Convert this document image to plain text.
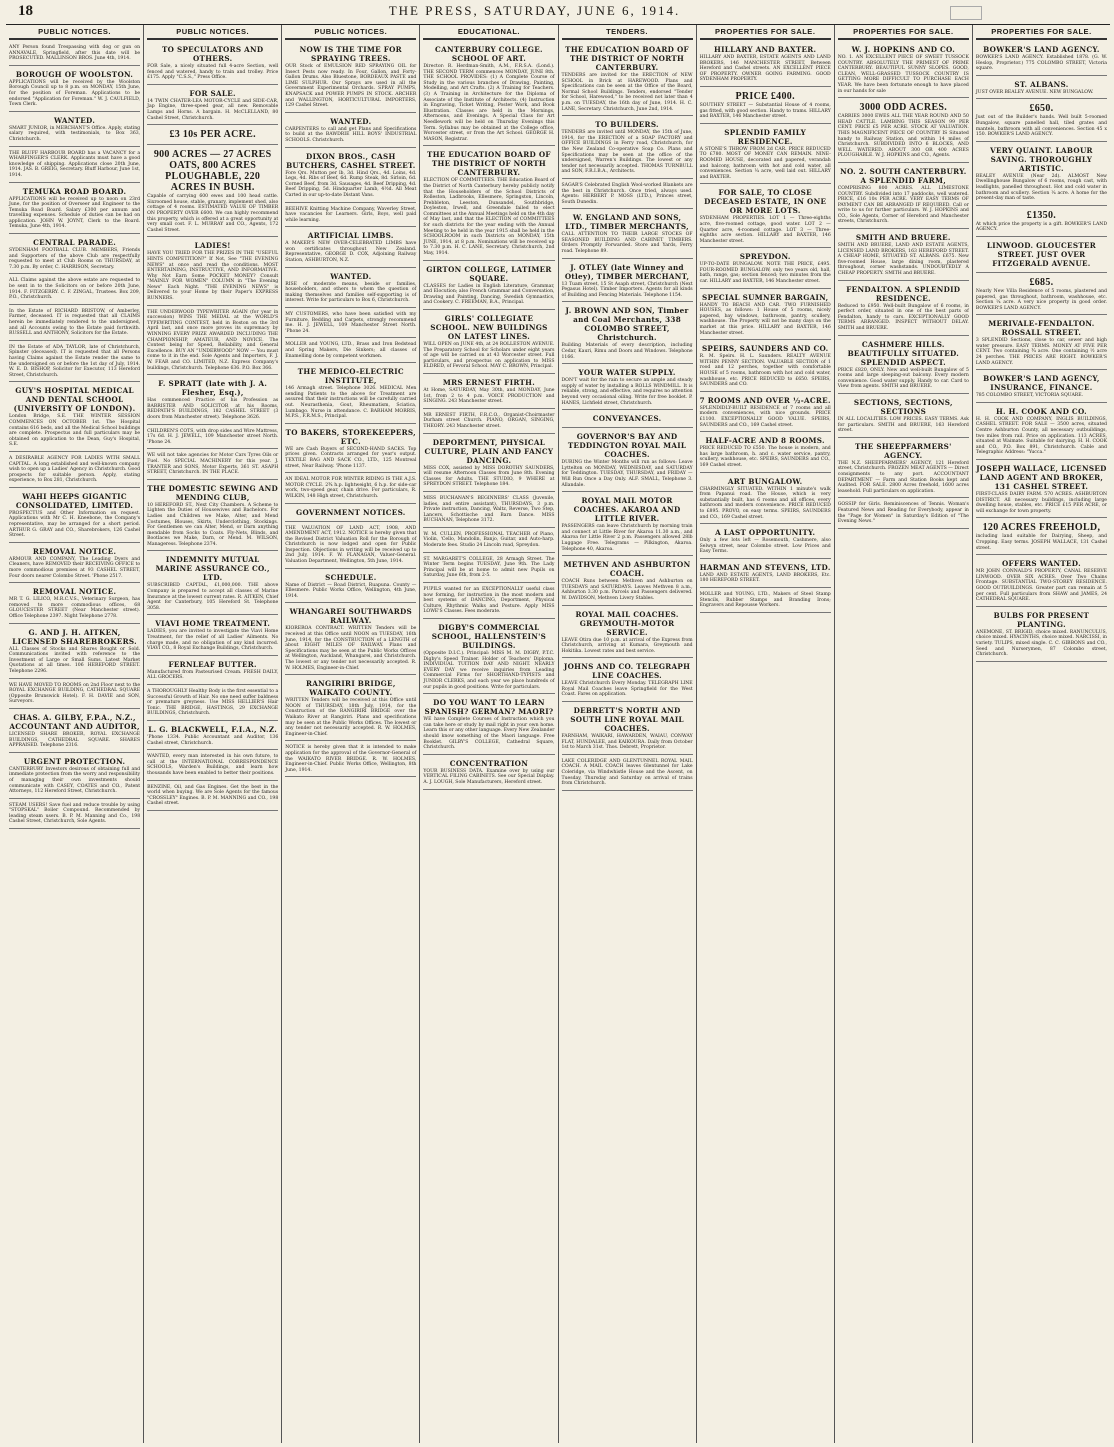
18	THE PRESS, SATURDAY, JUNE 6, 1914.
PUBLIC NOTICES.
ANY Person found Trespassing with dog or gun on ANNAVALE, Springfield, after this date will be PROSECUTED. MALLINSON BROS. June 4th, 1914.
BOROUGH OF WOOLSTON.
APPLICATIONS will be received by the Woolston Borough Council up to 8 p.m. on MONDAY, 15th June, for the position of Foreman. Applications to be endorsed "Application for Foreman." W. J. CAULFIELD, Town Clerk.
WANTED.
SMART JUNIOR, in MERCHANT'S Office. Apply, stating salary required, with testimonials, to Box 363, Christchurch.
THE BLUFF HARBOUR BOARD has a VACANCY for a WHARFINGER'S CLERK. Applicants must have a good knowledge of shipping. Applications close 20th June, 1914. JAS. B. GREIG, Secretary. Bluff Harbour, June 1st, 1914.
TEMUKA ROAD BOARD.
APPLICATIONS will be received up to noon on 23rd June, for the position of Overseer and Engineer to the Temuka Road Board. Salary £300 per annum and travelling expenses. Schedule of duties can be had on application. JOHN W. JOYNT, Clerk to the Board. Temuka, June 4th, 1914.
CENTRAL PARADE.
SYDENHAM FOOTBALL CLUB. MEMBERS, Friends and Supporters of the above Club are respectfully requested to meet at Club Rooms on THURSDAY, at 7.30 p.m. By order, C. HARRISON, Secretary.
ALL Claims against the above estate are requested to be sent in to the Solicitors on or before 20th June, 1914. F. FITZGERRY. C. F. ZINGAL, Trustees. Box 209, P.O., Christchurch.
In the Estate of RICHARD BRISTOW, of Amberley, Farmer, deceased. IT is requested that all CLAIMS herein be immediately rendered to the undersigned, and all Accounts owing to the Estate paid forthwith. RUSSELL and ANTHONY, Solicitors for the Estate.
IN the Estate of ADA TAYLOR, late of Christchurch, Spinster (deceased). IT is requested that all Persons having Claims against the Estate render the same to the undersigned on or before the 1st day of July, 1914. W. E. D. BISHOP, Solicitor for Executor, 113 Hereford Street, Christchurch.
GUY'S HOSPITAL MEDICAL AND DENTAL SCHOOL (UNIVERSITY OF LONDON).
London Bridge, S.E. THE WINTER SESSION COMMENCES ON OCTOBER 1st. The Hospital contains 616 beds, and all the Medical School buildings are complete. Prospectus and full particulars may be obtained on application to the Dean, Guy's Hospital, S.E.
A DESIRABLE AGENCY FOR LADIES WITH SMALL CAPITAL. A long established and well-known company wish to open up a Ladies' Agency in Christchurch. Good prospects for suitable person. Apply, stating experience, to Box 281, Christchurch.
WAHI HEEPS GIGANTIC CONSOLIDATED, LIMITED.
PROSPECTUS and Other Information on request. Applications with Mr C. H. Kneebone, the Company's representative, may be arranged for a short period. ARTHUR G. GRAY and CO., Sharebrokers, 126 Cashel Street.
REMOVAL NOTICE.
ARMOUR AND COMPANY, The Leading Dyers and Cleaners, have REMOVED their RECEIVING OFFICE to more commodious premises at 93 CASHEL STREET, Four doors nearer Colombo Street. 'Phone 2517.
REMOVAL NOTICE.
MR T. G. LILICO, M.R.C.V.S., Veterinary Surgeon, has removed to more commodious offices, 68 GLOUCESTER STREET (Near Manchester street). Office Telephone 2397. Night Telephone 2778.
G. AND J. H. AITKEN, LICENSED SHAREBROKERS.
ALL Classes of Stocks and Shares Bought or Sold. Communications invited with reference to the Investment of Large or Small Sums. Latest Market Quotations at all times. 106 HEREFORD STREET. Telephone 2296.
WE HAVE MOVED TO ROOMS on 2nd Floor next to the ROYAL EXCHANGE BUILDING, CATHEDRAL SQUARE (Opposite Brunswick Hotel). F. H. DAVIE and SON, Surveyors.
CHAS. A. GILBY, F.P.A., N.Z., ACCOUNTANT AND AUDITOR,
LICENSED SHARE BROKER, ROYAL EXCHANGE BUILDINGS, CATHEDRAL SQUARE. SHARES APPRAISED. Telephone 2316.
URGENT PROTECTION.
CANTERBURY Investors desirous of obtaining full and immediate protection from the worry and responsibility of managing their own investments should communicate with CASEY, COATES and CO., Patent Attorneys, 112 Hereford Street, Christchurch.
STEAM USERS! Save fuel and reduce trouble by using "STOPSKAL" Boiler Compound. Recommended by leading steam users. B. P. M. Manning and Co., 198 Cashel Street, Christchurch, Sole Agents.
PUBLIC NOTICES.
TO SPECULATORS AND OTHERS.
FOR Sale, a nicely situated full 4-acre Section, well fenced and watered, handy to train and trolley. Price £175. Apply "C.S.S.," Press Office.
FOR SALE.
14 TWIN CHATER-LEA MOTOR-CYCLE and SIDE-CAR, Jap Engine, three-speed gear, all new. Removable Lamps and Horns. A bargain. H. McCLELLAND, 80 Cashel Street, Christchurch.
£3 10s PER ACRE.
900 ACRES — 27 ACRES OATS, 800 ACRES PLOUGHABLE, 220 ACRES IN BUSH.
Capable of carrying 600 ewes and 100 head cattle. Sixroomed house, stable, granary, implement shed, also cottage of 4 rooms. ESTIMATED VALUE OF TIMBER ON PROPERTY OVER £600. We can highly recommend this property, which is offered at a great opportunity at very small cost. F. L. MURRAY and CO., Agents, 172 Cashel Street.
LADIES!
HAVE YOU TRIED FOR THE PRIZES IN THE "USEFUL HINTS COMPETITION?" If Not, See "THE EVENING NEWS" at once and read the conditions. MOST ENTERTAINING, INSTRUCTIVE, AND INFORMATIVE. Why Not Earn Some POCKET MONEY? Consult "MAINLY FOR WOMEN" COLUMN in "The Evening News" Each Night. "THE EVENING NEWS" is Delivered to your Home by their Paper's EXPRESS RUNNERS.
THE UNDERWOOD TYPEWRITER AGAIN (for year in succession) WINS THE MEDAL at the WORLD'S TYPEWRITING CONTEST, held in Boston on the 3rd April last, and once more proves its supremacy by WINNING EVERY PRIZE AWARDED INCLUDING THE CHAMPIONSHIP, AMATEUR, AND NOVICE. The Contest being for Speed, Reliability, and General Excellence. BUY AN "UNDERWOOD" NOW — You must come to it in the end. Sole Agents and Importers, F. J. W. FEAR and CO. LIMITED, N.Z. Express Company's buildings, Christchurch. Telephone 636. P.O. Box 366.
F. SPRATT (late with J. A. Flesher, Esq.),
Has commenced Practice of his Profession as BARRISTER AND SOLICITOR at his Rooms, REDPATH'S BUILDINGS, 182 CASHEL STREET (3 doors from Manchester street). Telephone 3626.
CHILDREN'S COTS, with drop sides and Wire Mattress, 17s 6d. H. J. JEWELL, 109 Manchester street North. 'Phone 24.
WE will not take agencies for Motor Cars Tyres Oils or Fuel. No SPECIAL MACHINERY for this year. J. TRANTER and SONS, Motor Experts, 361 ST. ASAPH STREET, Christchurch. IN THE PLACE.
THE DOMESTIC SEWING AND MENDING CLUB,
10 HEREFORD ST., Next City Chambers. A Scheme to Lighten the Duties of Housewives and Bachelors. For Ladies and Children we Make, Alter, and Mend Costumes, Blouses, Skirts, Underclothing, Stockings. For Gentlemen we can Alter, Mend, or Darn anything mendable from Socks to Coats. Fly-Nets, Blinds, and Bootlaces we Make, Darn, or Mend. M. WILSON, Manageress. Telephone 2374.
INDEMNITY MUTUAL MARINE ASSURANCE CO., LTD.
SUBSCRIBED CAPITAL, £1,000,000. THE above Company is prepared to accept all classes of Marine Insurance at the lowest current rates. R. AITKEN, Chief Agent for Canterbury, 105 Hereford St. Telephone 3058.
VIAVI HOME TREATMENT.
LADIES, you are invited to investigate the Viavi Home Treatment, for the relief of all Ladies' Ailments. No charge made, and no obligation of any kind incurred. VIAVI CO., 8 Royal Exchange Buildings, Christchurch.
FERNLEAF BUTTER.
Manufactured from Pasteurised Cream. FRESH DAILY, ALL GROCERS.
A THOROUGHLY Healthy Body is the first essential to a Successful Growth of Hair. No one need suffer baldness or premature greyness. Use MISS HELLIER'S Hair Tonic. THE BRIDGE, HASTINGS, 29 EXCHANGE BUILDINGS, Christchurch.
L. G. BLACKWELL, F.I.A., N.Z.
'Phone 1334. Public Accountant and Auditor, 136 Cashel street, Christchurch.
WANTED, every man interested in his own future, to call at the INTERNATIONAL CORRESPONDENCE SCHOOLS, Warden's Buildings, and learn how thousands have been enabled to better their positions.
BENZINE, Oil, and Gas Engines. Get the best in the world when buying. We are Sole Agents for the famous "CROSSLEY" Engines. B. P. M. MANNING and CO., 198 Cashel street.
PUBLIC NOTICES.
NOW IS THE TIME FOR SPRAYING TREES.
OUR Stock of EMULSION RED SPRAYING OIL for Insect Pests now ready. In Four, Gallon, and Forty-Gallon Drums. Also Bluestone, BORDEAUX PASTE and LIME SULPHUR. Our Sprays are used in all the Government Experimental Orchards. SPRAY PUMPS, KNAPSACK and POWER PUMPS IN STOCK. ARCHER and WALLINGTON, HORTICULTURAL IMPORTERS, 129 Cashel Street.
WANTED.
CARPENTERS to call and get Plans and Specifications to build at the BAWDRIE HILL BOYS' INDUSTRIAL SCHOOLS. Christchurch.
DIXON BROS., CASH BUTCHERS, CASHEL STREET.
Fore Qrs. Mutton per lb, 3d. Hind Qrs., 4d. Loins, 4d. Legs, 4d. Ribs of Beef, 6d. Rump Steak, 8d. Sirloin, 6d. Corned Beef, from 3d. Sausages, 4d. Beef Dripping, 4d. Beef Dripping, 5d. Hindquarter Lamb, 4½d. All Meat Carted in our up-to-date Distant Vans.
BEEHIVE Knitting Machine Company, Waverley Street, have vacancies for Learners. Girls, Boys, well paid while learning.
ARTIFICIAL LIMBS.
A MAKER'S NEW OVER-CELEBRATED LIMBS have won certificates throughout New Zealand. Representative, GEORGE D. COX, Adjoining Railway Station, ASHBURTON, N.Z.
WANTED.
RISE of moderate means, beside or families, householders, and others to whom the question of making themselves and families self-supporting is of interest. Write for particulars to Box 6, Christchurch.
MY CUSTOMERS, who have been satisfied with my Furniture, Bedding and Carpets, strongly recommend me. H. J. JEWELL, 109 Manchester Street North. 'Phone 24.
MOLLER and YOUNG, LTD., Brass and Iron Bedstead and Spring Makers, Die Sinkers; all classes of Enamelling done by competent workmen.
THE MEDICO-ELECTRIC INSTITUTE,
146 Armagh street. Telephone 3026. MEDICAL Men sending Patients to the above for Treatment are assured that their instructions will be carefully carried out. Neurasthenia, Gout, Rheumatism, Sciatica, Lumbago. Nurse in attendance. C. BARHAM MORRIS, M.P.S., F.R.M.S., Principal.
TO BAKERS, STOREKEEPERS, ETC.
WE are Cash Buyers of SECOND-HAND SACKS. Top prices given. Contracts arranged for year's output. TEXTILE BAG AND SACK CO., LTD., 125 Montreal street, Near Railway. 'Phone 1137.
AN IDEAL MOTOR FOR WINTER RIDING IS THE A.J.S. MOTOR CYCLE. 2¾ h.p. lightweight, 6 h.p. for side-car work, two-speed gear, chain drive. For particulars, R. WILKIN, 148 High street, Christchurch.
GOVERNMENT NOTICES.
THE VALUATION OF LAND ACT, 1908, AND AMENDMENT ACT, 1912. NOTICE is hereby given that the Revised District Valuation Roll for the Borough of Christchurch is now lodged and open for Public Inspection. Objections in writing will be received up to 2nd July, 1914. F. W. FLANAGAN, Valuer-General. Valuation Department, Wellington, 5th June, 1914.
SCHEDULE.
Name of District — Road District, Ruapuna. County — Ellesmere. Public Works Office, Wellington, 4th June, 1914.
WHANGAREI SOUTHWARDS RAILWAY.
KIOREROA CONTRACT. WRITTEN Tenders will be received at this Office until NOON on TUESDAY, 16th June, 1914, for the CONSTRUCTION of a LENGTH of about EIGHT MILES OF RAILWAY. Plans and Specifications may be seen at the Public Works Offices at Wellington, Auckland, Whangarei, and Christchurch. The lowest or any tender not necessarily accepted. R. W. HOLMES, Engineer-in-Chief.
RANGIRIRI BRIDGE, WAIKATO COUNTY.
WRITTEN Tenders will be received at this Office until NOON of THURSDAY, 18th July, 1914, for the Construction of the RANGIRIRI BRIDGE over the Waikato River at Rangiriri. Plans and specifications may be seen at the Public Works Offices. The lowest or any tender not necessarily accepted. R. W. HOLMES, Engineer-in-Chief.
NOTICE is hereby given that it is intended to make application for the approval of the Governor-General of the WAIKATO RIVER BRIDGE. R. W. HOLMES, Engineer-in-Chief. Public Works Office, Wellington, 8th June, 1914.
EDUCATIONAL.
CANTERBURY COLLEGE. SCHOOL OF ART.
Director: R. Herdman-Smith, A.M., F.R.S.A. (Lond.). THE SECOND TERM commences MONDAY, JUNE 8th. THE SCHOOL PROVIDES: (1) A Complete Course of Study in the various branches of Drawing, Painting, Modelling, and Art Crafts. (2) A Training for Teachers. (3) A Training in Architecture for the Diploma of Associate of the Institute of Architects. (4) Instruction in Engraving, Ticket Writing, Poster Work, and Book Illustration. Classes are held in the Mornings, Afternoons, and Evenings. A Special Class for Art Needlework will be held on Thursday Evenings this Term. Syllabus may be obtained at the College office, Worcester street, or from the Art School. GEORGE H. MASON, Registrar.
THE EDUCATION BOARD OF THE DISTRICT OF NORTH CANTERBURY.
ELECTION OF COMMITTEES. THE Education Board of the District of North Canterbury hereby publicly notify that the Householders of the School Districts of Rolleston, Ladbrooks, Ellesmere, Springston, Lincoln, Prebbleton, Leeston, Dunsandel, Southbridge, Doyleston, Irwell, and Greendale failed to elect Committees at the Annual Meetings held on the 4th day of May last, and that the ELECTION of COMMITTEES for such districts for the year ending with the Annual Meeting to be held in the year 1915 shall be held in the SCHOOLROOM in such Districts on MONDAY, 15th JUNE, 1914, at 8 p.m. Nominations will be received up to 7.30 p.m. H. C. LANE, Secretary. Christchurch, 2nd May, 1914.
GIRTON COLLEGE, LATIMER SQUARE.
CLASSES for Ladies in English Literature, Grammar, and Elocution; also French Grammar and Conversation, Drawing and Painting, Dancing, Swedish Gymnastics, and Cookery. C. FREEMAN, B.A., Principal.
GIRLS' COLLEGIATE SCHOOL. NEW BUILDINGS ON LATEST LINES.
WILL OPEN on JUNE 4th, at 24 ROLLESTON AVENUE. The Preparatory School for Scholars under eight years of age will be carried on at 43 Worcester street. Full particulars, and prospectus on application to MISS ELDRED, of Fevoral School. MAY C. BROWN, Principal.
MRS ERNEST FIRTH.
At Home, SATURDAY, May 30th, and MONDAY, June 1st, from 2 to 4 p.m. VOICE PRODUCTION and SINGING. 243 Manchester street.
MR ERNEST FIRTH, F.R.C.O., Organist-Choirmaster Durham street Church. PIANO, ORGAN, SINGING, THEORY. 243 Manchester street.
DEPORTMENT, PHYSICAL CULTURE, PLAIN AND FANCY DANCING.
MISS COX, assisted by MISS DOROTHY SAUNDERS, will resume Afternoon Classes from June 8th. Evening Classes for Adults. THE STUDIO, 9 WHERE at SPREYDON STREET. Telephone 184.
MISS BUCHANAN'S BEGINNERS' CLASS (Juvenile, ladies, and entire assistant), THURSDAYS, 3 p.m. Private instruction, Dancing, Waltz, Reverse, Two Step, Lancers, Schottische and Barn Dance. MISS BUCHANAN, Telephone 3172.
W. M. CULLEN, PROFESSIONAL TEACHER of Piano, Violin, 'Cello, Mandolin, Banjo, Guitar, and Auto-harp. Moderate fees. Studio 24 Lincoln road, Spreydon.
ST. MARGARET'S COLLEGE, 28 Armagh Street. The Winter Term begins TUESDAY, June 9th. The Lady Principal will be at home to admit new Pupils on Saturday, June 6th, from 2-5.
PUPILS wanted for an EXCEPTIONALLY useful class now forming, for instruction in the most modern and best systems of DANCING, Deportment, Physical Culture, Rhythmic Walks and Posture. Apply MISS LOWE'S Classes. Fees moderate.
DIGBY'S COMMERCIAL SCHOOL, HALLENSTEIN'S BUILDINGS.
(Opposite D.I.C.). Principal: MISS M. M. DIGBY, P.T.C. Digby's Speed Trainer. Holder of Teachers' Diploma. INDIVIDUAL TUITION DAY AND NIGHT. NEARLY EVERY DAY we receive inquiries from Leading Commercial Firms for SHORTHAND-TYPISTS and JUNIOR CLERKS, and each year we place hundreds of our pupils in good positions. Write for particulars.
DO YOU WANT TO LEARN SPANISH? GERMAN? MAORI?
WE have Complete Courses of Instruction which you can take here or study by mail right in your own home. Learn this or any other language. Every New Zealander should know something of the Maori language. Free Booklet. GILBY'S COLLEGE, Cathedral Square, Christchurch.
CONCENTRATION
YOUR BUSINESS DATA. Examine over by using our VERTICAL FILING CABINETS. See our Special Display. A. J. LOUGH, Sole Manufacturers, Hereford street.
TENDERS.
THE EDUCATION BOARD OF THE DISTRICT OF NORTH CANTERBURY.
TENDERS are invited for the ERECTION of NEW SCHOOL in Brick at HAREWOOD. Plans and Specifications can be seen at the Office of the Board, Normal School Buildings. Tenders, endorsed "Tender for School, Harewood," to be received not later than 4 p.m. on TUESDAY, the 16th day of June, 1914. H. C. LANE, Secretary. Christchurch, June 2nd, 1914.
TO BUILDERS.
TENDERS are invited until MONDAY, the 15th of June, 1914, for the ERECTION of a SOAP FACTORY and OFFICE BUILDINGS in Ferry road, Christchurch, for the New Zealand Co-operative Soap Co. Plans and Specifications may be seen at the office of the undersigned, Warren's Buildings. The lowest or any tender not necessarily accepted. THOMAS TURNBULL and SON, F.R.I.B.A., Architects.
SAGAR'S Celebrated English Wool-worked Blankets are the best in Christchurch. Once tried, always used. Agents: HERBERT P. MOSS (LTD.), Princes street, South Dunedin.
W. ENGLAND AND SONS, LTD., TIMBER MERCHANTS,
CALL ATTENTION TO THEIR LARGE STOCKS OF SEASONED BUILDING AND CABINET TIMBERS. Orders Promptly Forwarded. Store and Yards, Ferry road. Telephone 89.
J. OTLEY (late Winney and Otley), TIMBER MERCHANT,
13 Tuam street, 15 St Asaph street, Christchurch (Next Pegasus Hotel). Timber Importers. Agents for all kinds of Building and Fencing Materials. Telephone 1154.
J. BROWN AND SON, Timber and Coal Merchants, 338 COLOMBO STREET, Christchurch.
Building Materials of every description, including Cedar, Kauri, Rimu and Doors and Windows. Telephone 1166.
YOUR WATER SUPPLY.
DON'T wait for the rain to secure an ample and steady supply of water by installing a ROLLS WINDMILL. It is reliable, strong, and effective, and requires no attention beyond very occasional oiling. Write for free booklet. P. HANES, Lichfield street, Christchurch.
CONVEYANCES.
GOVERNOR'S BAY AND TEDDINGTON ROYAL MAIL COACHES.
DURING the Winter Months will run as follows: Leave Lyttelton on MONDAY, WEDNESDAY, and SATURDAY for Teddington. TUESDAY, THURSDAY, and FRIDAY — Will Run Once a Day Only. ALF. SMALL, Telephone 3. Allandale.
ROYAL MAIL MOTOR COACHES. AKAROA AND LITTLE RIVER.
PASSENGERS can leave Christchurch by morning train and connect at Little River for Akaroa 11.30 a.m., and Akaroa for Little River 2 p.m. Passengers allowed 28lb Luggage Free. Telegrams — Pilkington, Akaroa. Telephone 40, Akaroa.
METHVEN AND ASHBURTON COACH.
COACH Runs between Methven and Ashburton on TUESDAYS and SATURDAYS. Leaves Methven 8 a.m., Ashburton 3.30 p.m. Parcels and Passengers delivered. W. DAVIDSON, Methven Livery Stables.
ROYAL MAIL COACHES. GREYMOUTH-MOTOR SERVICE.
LEAVE Otira due 10 p.m. at arrival of the Express from Christchurch, arriving at Kumara, Greymouth and Hokitika. Lowest rates and best service.
JOHNS AND CO. TELEGRAPH LINE COACHES.
LEAVE Christchurch Every Monday. TELEGRAPH LINE Royal Mail Coaches leave Springfield for the West Coast. Fares on application.
DEBRETT'S NORTH AND SOUTH LINE ROYAL MAIL COACHES.
FARNHAM, WAIKARI, HAWARDEN, WAIAU, CONWAY FLAT, HUNDALEE, and KAIKOURA. Daily from October 1st to March 31st. Thos. Debrett, Proprietor.
LAKE COLERIDGE AND GLENTUNNEL ROYAL MAIL COACH. A MAIL COACH leaves Glentunnel for Lake Coleridge, via Windwhistle House and the Ascent, on Tuesday, Thursday and Saturday on arrival of trains from Christchurch.
PROPERTIES FOR SALE.
HILLARY AND BAXTER.
HILLARY AND BAXTER, ESTATE AGENTS AND LAND BROKERS, 146 MANCHESTER STREET, Between Hereford and Cashel streets. AN EXCELLENT PIECE OF PROPERTY. OWNER GOING FARMING. GOOD SYDENHAM PROPERTY.
PRICE £400.
SOUTHEY STREET — Substantial House of 4 rooms, gas fitted, with good section. Handy to trams. HILLARY and BAXTER, 146 Manchester street.
SPLENDID FAMILY RESIDENCE.
A STONE'S THROW FROM 2d CAR. PRICE REDUCED TO £780. MOST OF MONEY CAN REMAIN. NINE-ROOMED HOUSE, decorated and papered, verandah and balcony, bathroom with hot and cold water, all conveniences. Section ¼ acre, well laid out. HILLARY and BAXTER.
FOR SALE, TO CLOSE DECEASED ESTATE, IN ONE OR MORE LOTS.
SYDENHAM PROPERTIES. LOT 1 — Three-eighths acre, five-roomed cottage, good water. LOT 2 — Quarter acre, 4-roomed cottage. LOT 3 — Three-eighths acre section. HILLARY and BAXTER, 146 Manchester street.
SPREYDON.
UP-TO-DATE BUNGALOW. NOTE THE PRICE, £495. FOUR-ROOMED BUNGALOW, only two years old, hall, bath, range, gas; section fenced; two minutes from the car. HILLARY and BAXTER, 146 Manchester street.
SPECIAL SUMNER BARGAIN,
HANDY TO BEACH AND CAR. TWO FURNISHED HOUSES, as follows: 1 House of 5 rooms, nicely papered, bay windows, bathroom, pantry, scullery, washhouse. The Property will not be many days on the market at this price. HILLARY and BAXTER, 146 Manchester street.
SPEIRS, SAUNDERS AND CO.
R. M. Speirs. H. L. Saunders. REALTY AVENUE WITHIN PENNY SECTION. VALUABLE SECTION of 1 rood and 12 perches, together with comfortable HOUSE of 5 rooms, bathroom with hot and cold water, washhouse, etc. PRICE REDUCED to £650. SPEIRS, SAUNDERS and CO.
7 ROOMS AND OVER ½-ACRE.
SPLENDIDLY-BUILT RESIDENCE of 7 rooms and all modern conveniences, with nice grounds. PRICE £1100. EXCEPTIONALLY GOOD VALUE. SPEIRS, SAUNDERS and CO., 169 Cashel street.
HALF-ACRE AND 8 ROOMS.
PRICE REDUCED TO £550. The house is modern, and has large bathroom, h. and c. water service, pantry, scullery, washhouse, etc. SPEIRS, SAUNDERS and CO., 169 Cashel street.
ART BUNGALOW.
CHARMINGLY SITUATED. WITHIN 1 minute's walk from Papanui road. The House, which is very substantially built, has 6 rooms and all offices, every bathroom and modern convenience. PRICE REDUCED to £895. PROVO, on easy terms. SPEIRS, SAUNDERS and CO., 169 Cashel street.
A LAST OPPORTUNITY.
Only a few lots left — Rosemouth, Cashmere, also Selwyn street, near Colombo street. Low Prices and Easy Terms.
HARMAN AND STEVENS, LTD.
LAND AND ESTATE AGENTS, LAND BROKERS, Etc. 180 HEREFORD STREET.
MOLLER and YOUNG, LTD., Makers of Steel Stamp Stencils, Rubber Stamps and Branding Irons; Engravers and Repousse Workers.
PROPERTIES FOR SALE.
W. J. HOPKINS AND CO.
NO. 1. AN EXCELLENT PIECE OF SWEET TUSSOCK COUNTRY. ABSOLUTELY THE PRIMEST OF PRIME CANTERBURY. BEAUTIFUL SUNNY SLOPES. GOOD, CLEAN, WELL-GRASSED TUSSOCK COUNTRY IS GETTING MORE DIFFICULT TO PURCHASE EACH YEAR. We have been fortunate enough to have placed in our hands for sale
3000 ODD ACRES.
CARRIES 3000 EWES ALL THE YEAR ROUND AND 50 HEAD CATTLE. LAMBING THIS SEASON 99 PER CENT. PRICE £5 PER ACRE. STOCK AT VALUATION. THIS MAGNIFICENT PIECE OF COUNTRY IS Situated handy to Railway Station, and within 14 miles of Christchurch. SUBDIVIDED INTO 6 BLOCKS, AND WELL WATERED. ABOUT 300 OR 400 ACRES PLOUGHABLE. W. J. HOPKINS and CO., Agents.
NO. 2. SOUTH CANTERBURY. A SPLENDID FARM,
COMPRISING 800 ACRES. ALL LIMESTONE COUNTRY. Subdivided into 17 paddocks, well watered. PRICE, £16 10s PER ACRE. VERY EASY TERMS OF PAYMENT CAN BE ARRANGED IF REQUIRED. Call or write to us for further particulars. W. J. HOPKINS and CO., Sole Agents, Corner of Hereford and Manchester streets, Christchurch.
SMITH AND BRUERE.
SMITH AND BRUERE, LAND AND ESTATE AGENTS, LICENSED LAND BROKERS, 163 HEREFORD STREET. A CHEAP HOME, SITUATED ST. ALBANS. £675. New five-roomed House, large dining room, plastered throughout, corner washstands. UNDOUBTEDLY A CHEAP PROPERTY. SMITH and BRUERE.
FENDALTON. A SPLENDID RESIDENCE.
Reduced to £950. Well-built Bungalow of 6 rooms, in perfect order, situated in one of the best parts of Fendalton, handy to cars. EXCEPTIONALLY GOOD TERMS ARRANGED. INSPECT WITHOUT DELAY. SMITH and BRUERE.
CASHMERE HILLS. BEAUTIFULLY SITUATED. SPLENDID ASPECT.
PRICE £820, ONLY. New and well-built Bungalow of 5 rooms and large sleeping-out balcony. Every modern convenience. Good water supply. Handy to car. Card to View from agents. SMITH and BRUERE.
SECTIONS, SECTIONS, SECTIONS
IN ALL LOCALITIES. LOW PRICES. EASY TERMS. Ask for particulars. SMITH and BRUERE, 163 Hereford street.
THE SHEEPFARMERS' AGENCY.
THE N.Z. SHEEPFARMERS' AGENCY, 121 Hereford street, Christchurch. FROZEN MEAT AGENTS — Direct consignments to any port. ACCOUNTANT DEPARTMENT — Farm and Station Books kept and Audited. FOR SALE. 2800 Acres freehold, 1600 acres leasehold. Full particulars on application.
GOSSIP for Girls. Reminiscences of Tennis. Woman's Featured News and Reading for Everybody, appear in the "Page for Women" in Saturday's Edition of "The Evening News."
PROPERTIES FOR SALE.
BOWKER'S LAND AGENCY.
BOWKER'S LAND AGENCY. Established 1878. (G. W. Heslop, Proprietor.) 775 COLOMBO STREET, Victoria square.
ST. ALBANS.
JUST OVER BEALEY AVENUE. NEW BUNGALOW.
£650.
Just out of the Builder's hands. Well built 5-roomed Bungalow, square panelled hall, tiled grates and mantels, bathroom with all conveniences. Section 45 x 150. BOWKER'S LAND AGENCY.
VERY QUAINT. LABOUR SAVING. THOROUGHLY ARTISTIC.
BEALEY AVENUE (Near 2d). ALMOST New Dwellinghouse Bungalow of 6 rooms, rough cast, with leadlights, panelled throughout. Hot and cold water in bathroom and scullery. Section ¼ acre. A home for the present-day man of taste.
£1350.
At which price the property is a gift. BOWKER'S LAND AGENCY.
LINWOOD. GLOUCESTER STREET. JUST OVER FITZGERALD AVENUE.
£685.
Nearly New Villa Residence of 5 rooms, plastered and papered, gas throughout, bathroom, washhouse, etc. Section ¼ acre. A very nice property in good order. BOWKER'S LAND AGENCY.
MERIVALE-FENDALTON. ROSSALL STREET.
3 SPLENDID Sections, close to car, sewer and high water pressure. EASY TERMS. MONEY AT FIVE PER CENT. Two containing ¾ acre. One containing ½ acre 24 perches. THE PRICES ARE RIGHT. BOWKER'S LAND AGENCY.
BOWKER'S LAND AGENCY, INSURANCE, FINANCE.
785 COLOMBO STREET, VICTORIA SQUARE.
H. H. COOK AND CO.
H. H. COOK AND COMPANY, INGLIS BUILDINGS, CASHEL STREET. FOR SALE — 3500 acres, situated Centre Ashburton County, all necessary outbuildings, two miles from rail. Price on application. 113 ACRES, situated at Waimate. Suitable for dairying. H. H. COOK and CO., P.O. Box 891, Christchurch. Cable and Telegraphic Address: "Yucca."
JOSEPH WALLACE, LICENSED LAND AGENT AND BROKER, 131 CASHEL STREET.
FIRST-CLASS DAIRY FARM. 570 ACRES. ASHBURTON DISTRICT. All necessary buildings, including large dwelling house, stables, etc. PRICE £15 PER ACRE, or will exchange for town property.
120 ACRES FREEHOLD,
including land suitable for Dairying, Sheep, and Cropping. Easy terms. JOSEPH WALLACE, 131 Cashel street.
OFFERS WANTED.
MR JOHN CONNALD'S PROPERTY, CANAL RESERVE LINWOOD. OVER SIX ACRES. Over Two Chains Frontage. SUBSTANTIAL TWO-STOREY RESIDENCE. GOOD OUTBUILDINGS. Greater part can remain at 5 per cent. Full particulars from SHAW and JAMES, 24 CATHEDRAL SQUARE.
BULBS FOR PRESENT PLANTING.
ANEMONE, ST. BRIGID, choice mixed. RANUNCULUS, choice mixed. HYACINTHS, choice mixed. NARCISSI, in variety. TULIPS, mixed single. C. C. GIBBONS and CO., Seed and Nurserymen, 87 Colombo street, Christchurch.
